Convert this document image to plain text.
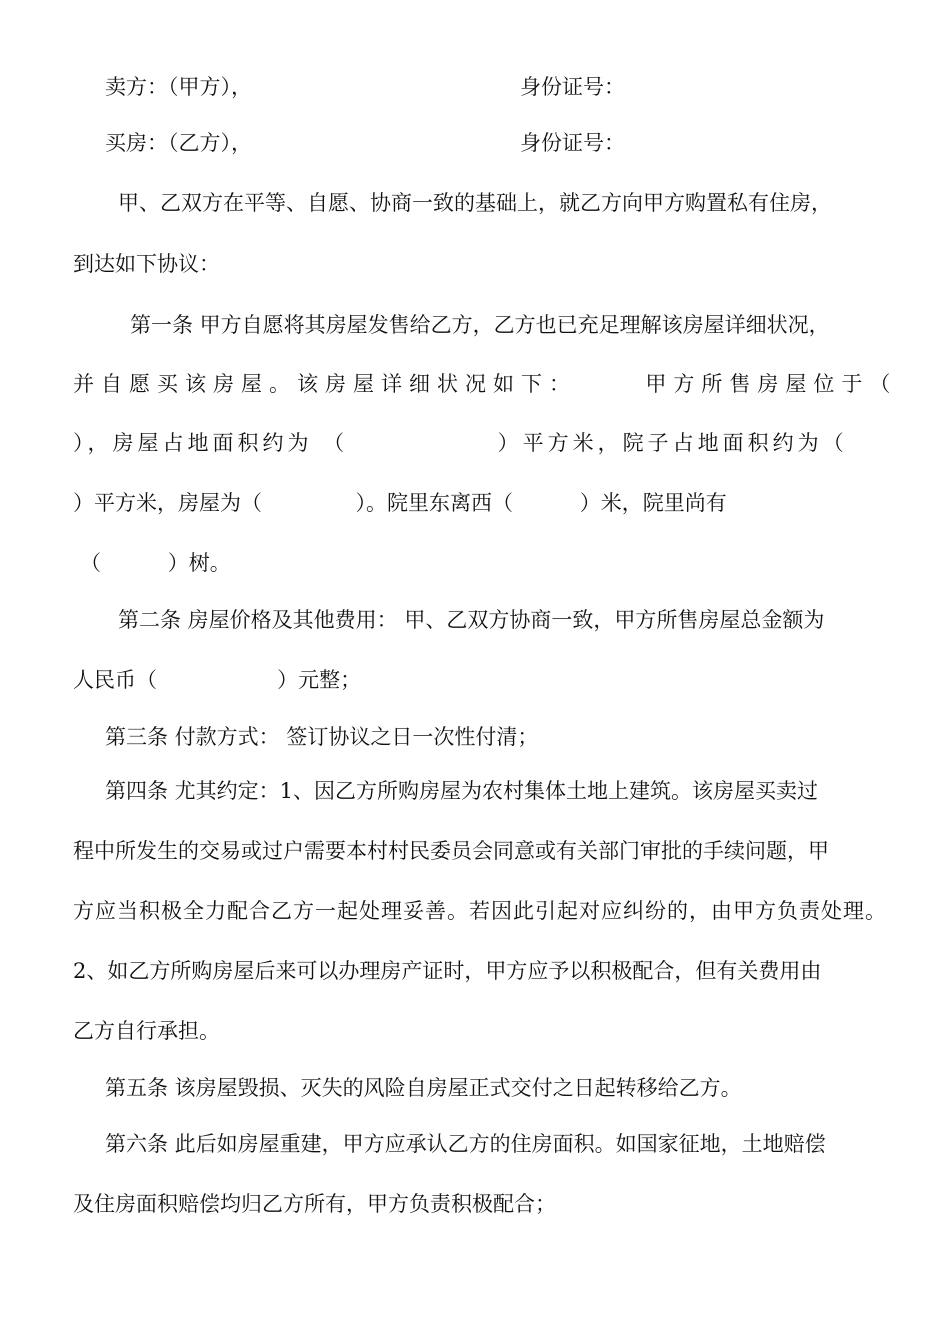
卖方：（甲方），	身份证号：
买房：（乙方），	身份证号：
甲、乙双方在平等、自愿、协商一致的基础上，就乙方向甲方购置私有住房，
到达如下协议：
第一条 甲方自愿将其房屋发售给乙方，乙方也已充足理解该房屋详细状况，
并自愿买该房屋。该房屋详细状况如下：     甲方所售房屋位于（
），房屋占地面积约为 （              ）平方米，院子占地面积约为（
）平方米，房屋为（              ）。院里东离西（          ）米，院里尚有
（          ）树。
第二条 房屋价格及其他费用： 甲、乙双方协商一致，甲方所售房屋总金额为
人民币（                  ）元整；
第三条 付款方式： 签订协议之日一次性付清；
第四条 尤其约定：1、因乙方所购房屋为农村集体土地上建筑。该房屋买卖过
程中所发生的交易或过户需要本村村民委员会同意或有关部门审批的手续问题，甲
方应当积极全力配合乙方一起处理妥善。若因此引起对应纠纷的，由甲方负责处理。
2、如乙方所购房屋后来可以办理房产证时，甲方应予以积极配合，但有关费用由
乙方自行承担。
第五条 该房屋毁损、灭失的风险自房屋正式交付之日起转移给乙方。
第六条 此后如房屋重建，甲方应承认乙方的住房面积。如国家征地，土地赔偿
及住房面积赔偿均归乙方所有，甲方负责积极配合；
